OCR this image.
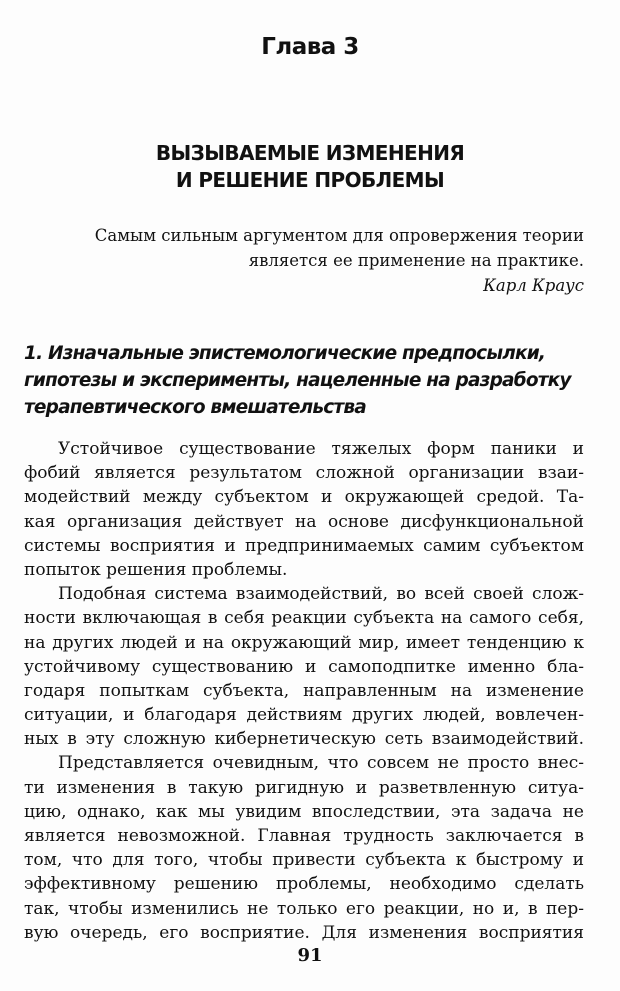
Глава 3
ВЫЗЫВАЕМЫЕ ИЗМЕНЕНИЯ
И РЕШЕНИЕ ПРОБЛЕМЫ
Самым сильным аргументом для опровержения теории
является ее применение на практике.
Карл Краус
1. Изначальные эпистемологические предпосылки,
гипотезы и эксперименты, нацеленные на разработку
терапевтического вмешательства
Устойчивое существование тяжелых форм паники и
фобий является результатом сложной организации взаи-
модействий между субъектом и окружающей средой. Та-
кая организация действует на основе дисфункциональной
системы восприятия и предпринимаемых самим субъектом
попыток решения проблемы.
Подобная система взаимодействий, во всей своей слож-
ности включающая в себя реакции субъекта на самого себя,
на других людей и на окружающий мир, имеет тенденцию к
устойчивому существованию и самоподпитке именно бла-
годаря попыткам субъекта, направленным на изменение
ситуации, и благодаря действиям других людей, вовлечен-
ных в эту сложную кибернетическую сеть взаимодействий.
Представляется очевидным, что совсем не просто внес-
ти изменения в такую ригидную и разветвленную ситуа-
цию, однако, как мы увидим впоследствии, эта задача не
является невозможной. Главная трудность заключается в
том, что для того, чтобы привести субъекта к быстрому и
эффективному решению проблемы, необходимо сделать
так, чтобы изменились не только его реакции, но и, в пер-
вую очередь, его восприятие. Для изменения восприятия
91
